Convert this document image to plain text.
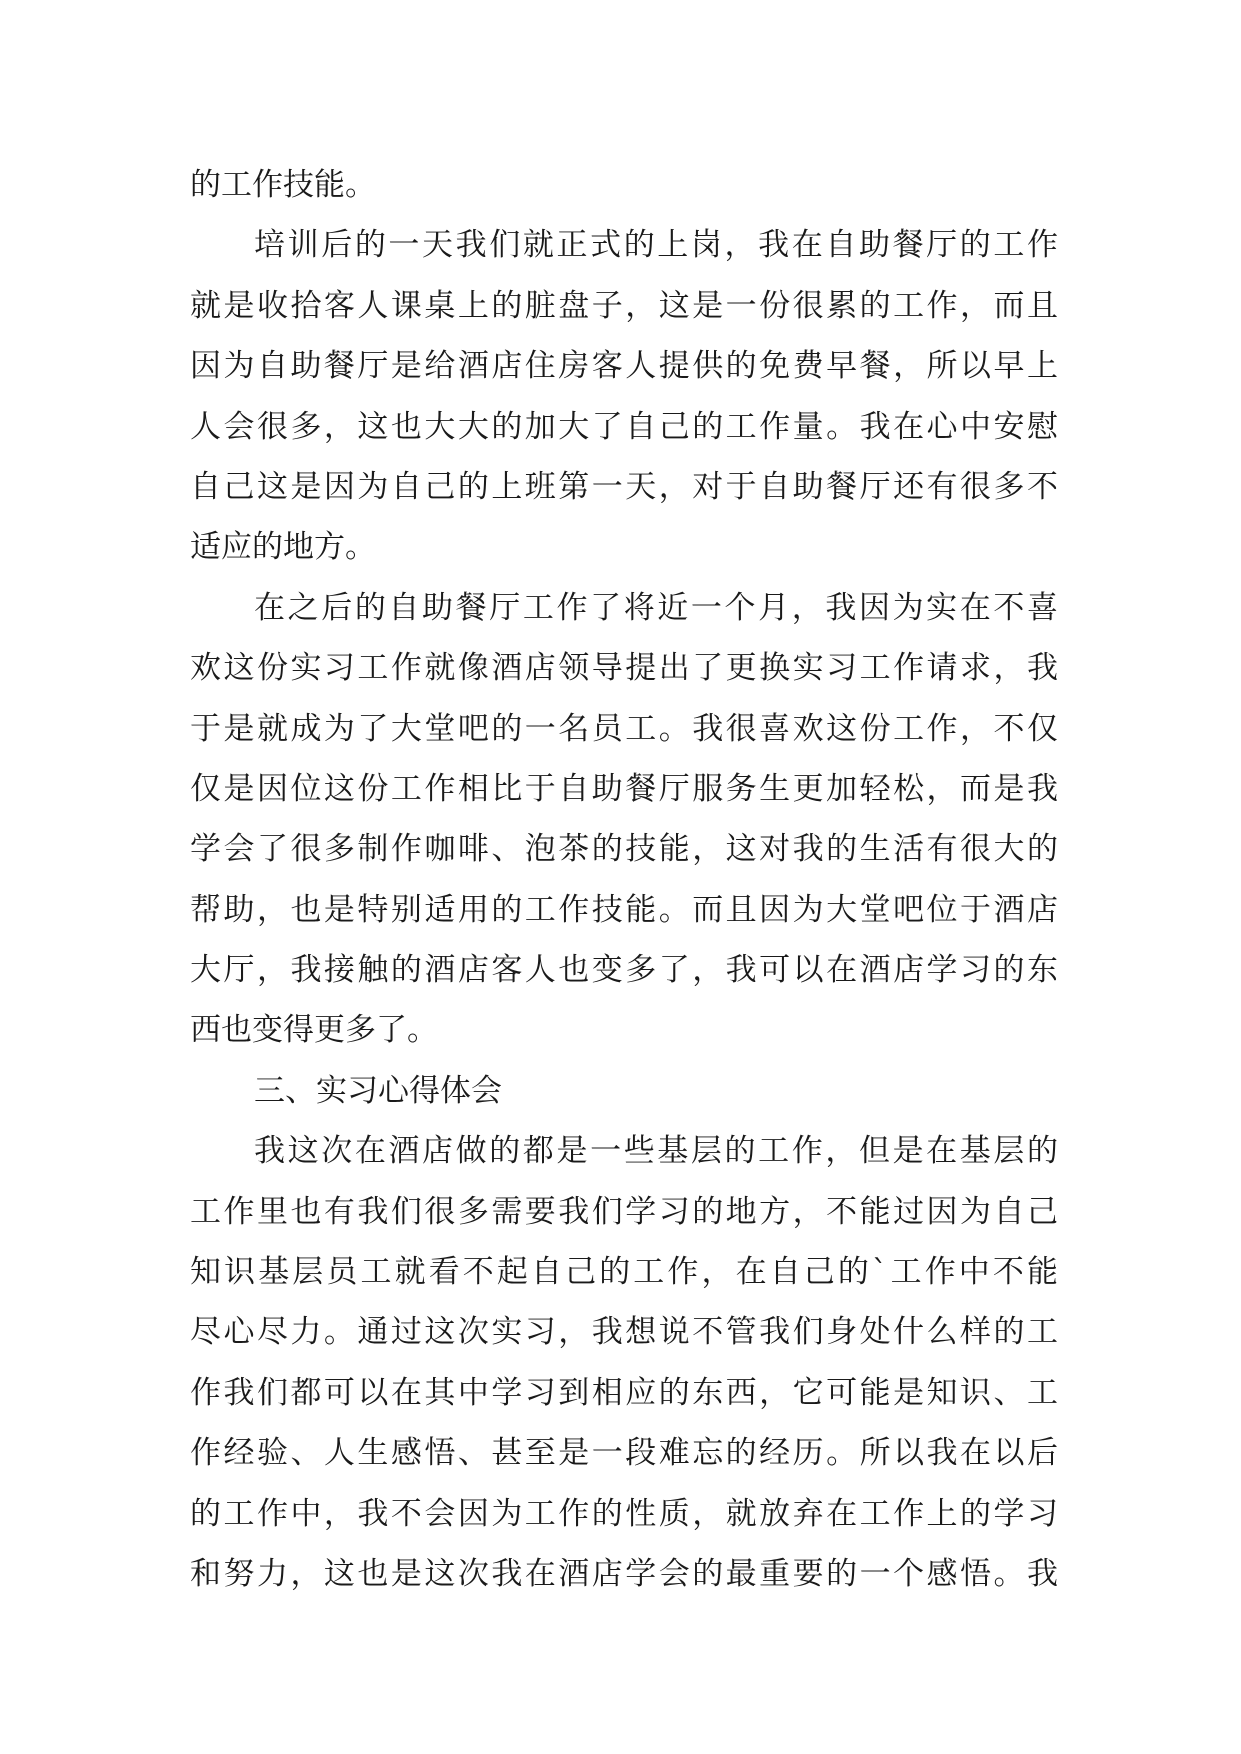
的工作技能。
培训后的一天我们就正式的上岗，我在自助餐厅的工作
就是收拾客人课桌上的脏盘子，这是一份很累的工作，而且
因为自助餐厅是给酒店住房客人提供的免费早餐，所以早上
人会很多，这也大大的加大了自己的工作量。我在心中安慰
自己这是因为自己的上班第一天，对于自助餐厅还有很多不
适应的地方。
在之后的自助餐厅工作了将近一个月，我因为实在不喜
欢这份实习工作就像酒店领导提出了更换实习工作请求，我
于是就成为了大堂吧的一名员工。我很喜欢这份工作，不仅
仅是因位这份工作相比于自助餐厅服务生更加轻松，而是我
学会了很多制作咖啡、泡茶的技能，这对我的生活有很大的
帮助，也是特别适用的工作技能。而且因为大堂吧位于酒店
大厅，我接触的酒店客人也变多了，我可以在酒店学习的东
西也变得更多了。
三、实习心得体会
我这次在酒店做的都是一些基层的工作，但是在基层的
工作里也有我们很多需要我们学习的地方，不能过因为自己
知识基层员工就看不起自己的工作，在自己的`工作中不能
尽心尽力。通过这次实习，我想说不管我们身处什么样的工
作我们都可以在其中学习到相应的东西，它可能是知识、工
作经验、人生感悟、甚至是一段难忘的经历。所以我在以后
的工作中，我不会因为工作的性质，就放弃在工作上的学习
和努力，这也是这次我在酒店学会的最重要的一个感悟。我
